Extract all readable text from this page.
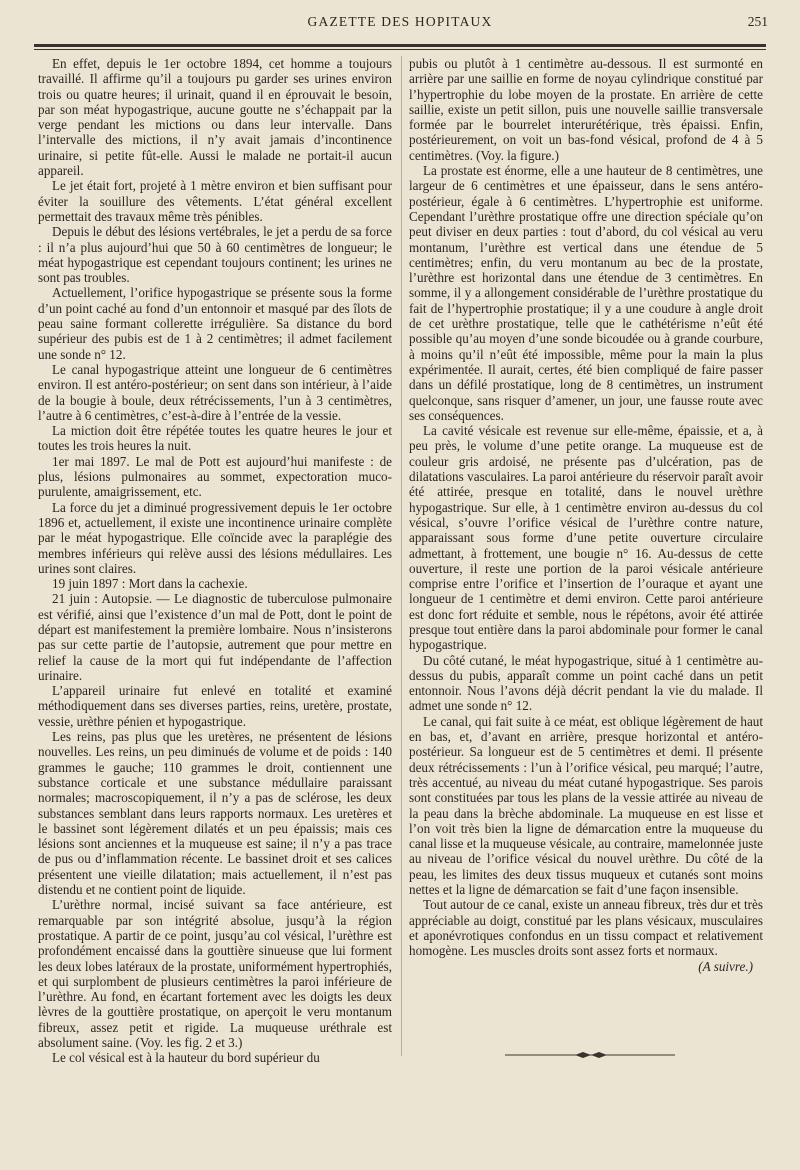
GAZETTE DES HOPITAUX	251

En effet, depuis le 1er octobre 1894, cet homme a toujours travaillé. Il affirme qu’il a toujours pu garder ses urines environ trois ou quatre heures; il urinait, quand il en éprouvait le besoin, par son méat hypogastrique, aucune goutte ne s’échappait par la verge pendant les mictions ou dans leur intervalle. Dans l’intervalle des mictions, il n’y avait jamais d’incontinence urinaire, si petite fût-elle. Aussi le malade ne portait-il aucun appareil.

Le jet était fort, projeté à 1 mètre environ et bien suffisant pour éviter la souillure des vêtements. L’état général excellent permettait des travaux même très pénibles.

Depuis le début des lésions vertébrales, le jet a perdu de sa force : il n’a plus aujourd’hui que 50 à 60 centimètres de longueur; le méat hypogastrique est cependant toujours continent; les urines ne sont pas troubles.

Actuellement, l’orifice hypogastrique se présente sous la forme d’un point caché au fond d’un entonnoir et masqué par des îlots de peau saine formant collerette irrégulière. Sa distance du bord supérieur des pubis est de 1 à 2 centimètres; il admet facilement une sonde n° 12.

Le canal hypogastrique atteint une longueur de 6 centimètres environ. Il est antéro-postérieur; on sent dans son intérieur, à l’aide de la bougie à boule, deux rétrécissements, l’un à 3 centimètres, l’autre à 6 centimètres, c’est-à-dire à l’entrée de la vessie.

La miction doit être répétée toutes les quatre heures le jour et toutes les trois heures la nuit.

1er mai 1897. Le mal de Pott est aujourd’hui manifeste : de plus, lésions pulmonaires au sommet, expectoration muco-purulente, amaigrissement, etc.

La force du jet a diminué progressivement depuis le 1er octobre 1896 et, actuellement, il existe une incontinence urinaire complète par le méat hypogastrique. Elle coïncide avec la paraplégie des membres inférieurs qui relève aussi des lésions médullaires. Les urines sont claires.

19 juin 1897 : Mort dans la cachexie.

21 juin : Autopsie. — Le diagnostic de tuberculose pulmonaire est vérifié, ainsi que l’existence d’un mal de Pott, dont le point de départ est manifestement la première lombaire. Nous n’insisterons pas sur cette partie de l’autopsie, autrement que pour mettre en relief la cause de la mort qui fut indépendante de l’affection urinaire.

L’appareil urinaire fut enlevé en totalité et examiné méthodiquement dans ses diverses parties, reins, uretère, prostate, vessie, urèthre pénien et hypogastrique.

Les reins, pas plus que les uretères, ne présentent de lésions nouvelles. Les reins, un peu diminués de volume et de poids : 140 grammes le gauche; 110 grammes le droit, contiennent une substance corticale et une substance médullaire paraissant normales; macroscopiquement, il n’y a pas de sclérose, les deux substances semblant dans leurs rapports normaux. Les uretères et le bassinet sont légèrement dilatés et un peu épaissis; mais ces lésions sont anciennes et la muqueuse est saine; il n’y a pas trace de pus ou d’inflammation récente. Le bassinet droit et ses calices présentent une vieille dilatation; mais actuellement, il n’est pas distendu et ne contient point de liquide.

L’urèthre normal, incisé suivant sa face antérieure, est remarquable par son intégrité absolue, jusqu’à la région prostatique. A partir de ce point, jusqu’au col vésical, l’urèthre est profondément encaissé dans la gouttière sinueuse que lui forment les deux lobes latéraux de la prostate, uniformément hypertrophiés, et qui surplombent de plusieurs centimètres la paroi inférieure de l’urèthre. Au fond, en écartant fortement avec les doigts les deux lèvres de la gouttière prostatique, on aperçoit le veru montanum fibreux, assez petit et rigide. La muqueuse uréthrale est absolument saine. (Voy. les fig. 2 et 3.)

Le col vésical est à la hauteur du bord supérieur du

pubis ou plutôt à 1 centimètre au-dessous. Il est surmonté en arrière par une saillie en forme de noyau cylindrique constitué par l’hypertrophie du lobe moyen de la prostate. En arrière de cette saillie, existe un petit sillon, puis une nouvelle saillie transversale formée par le bourrelet interurétérique, très épaissi. Enfin, postérieurement, on voit un bas-fond vésical, profond de 4 à 5 centimètres. (Voy. la figure.)

La prostate est énorme, elle a une hauteur de 8 centimètres, une largeur de 6 centimètres et une épaisseur, dans le sens antéro-postérieur, égale à 6 centimètres. L’hypertrophie est uniforme. Cependant l’urèthre prostatique offre une direction spéciale qu’on peut diviser en deux parties : tout d’abord, du col vésical au veru montanum, l’urèthre est vertical dans une étendue de 5 centimètres; enfin, du veru montanum au bec de la prostate, l’urèthre est horizontal dans une étendue de 3 centimètres. En somme, il y a allongement considérable de l’urèthre prostatique du fait de l’hypertrophie prostatique; il y a une coudure à angle droit de cet urèthre prostatique, telle que le cathétérisme n’eût été possible qu’au moyen d’une sonde bicoudée ou à grande courbure, à moins qu’il n’eût été impossible, même pour la main la plus expérimentée. Il aurait, certes, été bien compliqué de faire passer dans un défilé prostatique, long de 8 centimètres, un instrument quelconque, sans risquer d’amener, un jour, une fausse route avec ses conséquences.

La cavité vésicale est revenue sur elle-même, épaissie, et a, à peu près, le volume d’une petite orange. La muqueuse est de couleur gris ardoisé, ne présente pas d’ulcération, pas de dilatations vasculaires. La paroi antérieure du réservoir paraît avoir été attirée, presque en totalité, dans le nouvel urèthre hypogastrique. Sur elle, à 1 centimètre environ au-dessus du col vésical, s’ouvre l’orifice vésical de l’urèthre contre nature, apparaissant sous forme d’une petite ouverture circulaire admettant, à frottement, une bougie n° 16. Au-dessus de cette ouverture, il reste une portion de la paroi vésicale antérieure comprise entre l’orifice et l’insertion de l’ouraque et ayant une longueur de 1 centimètre et demi environ. Cette paroi antérieure est donc fort réduite et semble, nous le répétons, avoir été attirée presque tout entière dans la paroi abdominale pour former le canal hypogastrique.

Du côté cutané, le méat hypogastrique, situé à 1 centimètre au-dessus du pubis, apparaît comme un point caché dans un petit entonnoir. Nous l’avons déjà décrit pendant la vie du malade. Il admet une sonde n° 12.

Le canal, qui fait suite à ce méat, est oblique légèrement de haut en bas, et, d’avant en arrière, presque horizontal et antéro-postérieur. Sa longueur est de 5 centimètres et demi. Il présente deux rétrécissements : l’un à l’orifice vésical, peu marqué; l’autre, très accentué, au niveau du méat cutané hypogastrique. Ses parois sont constituées par tous les plans de la vessie attirée au niveau de la peau dans la brèche abdominale. La muqueuse en est lisse et l’on voit très bien la ligne de démarcation entre la muqueuse du canal lisse et la muqueuse vésicale, au contraire, mamelonnée juste au niveau de l’orifice vésical du nouvel urèthre. Du côté de la peau, les limites des deux tissus muqueux et cutanés sont moins nettes et la ligne de démarcation se fait d’une façon insensible.

Tout autour de ce canal, existe un anneau fibreux, très dur et très appréciable au doigt, constitué par les plans vésicaux, musculaires et aponévrotiques confondus en un tissu compact et relativement homogène. Les muscles droits sont assez forts et normaux.

(A suivre.)
